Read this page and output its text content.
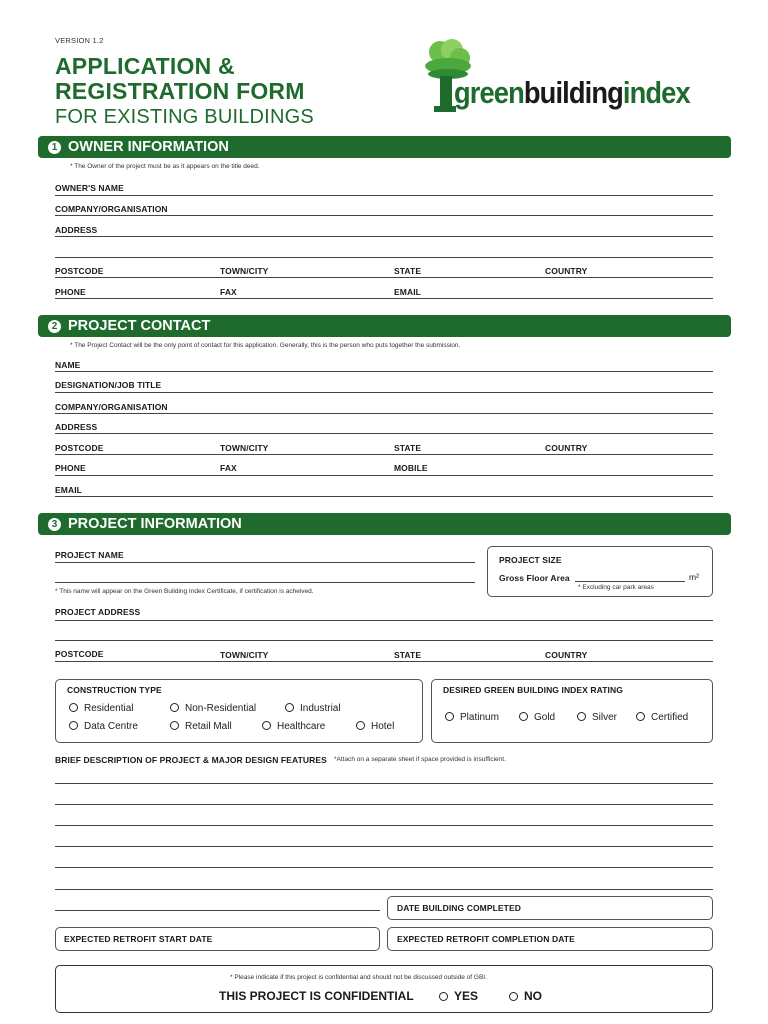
VERSION 1.2
APPLICATION &
REGISTRATION FORM
FOR EXISTING BUILDINGS
greenbuildingindex
1 OWNER INFORMATION
* The Owner of the project must be as it appears on the title deed.
OWNER'S NAME
COMPANY/ORGANISATION
ADDRESS
POSTCODE	TOWN/CITY	STATE	COUNTRY
PHONE	FAX	EMAIL
2 PROJECT CONTACT
* The Project Contact will be the only point of contact for this application. Generally, this is the person who puts together the submission.
NAME
DESIGNATION/JOB TITLE
COMPANY/ORGANISATION
ADDRESS
POSTCODE	TOWN/CITY	STATE	COUNTRY
PHONE	FAX	MOBILE
EMAIL
3 PROJECT INFORMATION
PROJECT NAME
* This name will appear on the Green Building Index Certificate, if certification is acheived.
PROJECT SIZE
Gross Floor Area	m²
* Excluding car park areas
PROJECT ADDRESS
POSTCODE	TOWN/CITY	STATE	COUNTRY
CONSTRUCTION TYPE
Residential	Non-Residential	Industrial
Data Centre	Retail Mall	Healthcare	Hotel
DESIRED GREEN BUILDING INDEX RATING
Platinum	Gold	Silver	Certified
BRIEF DESCRIPTION OF PROJECT & MAJOR DESIGN FEATURES *Attach on a separate sheet if space provided is insufficient.
DATE BUILDING COMPLETED
EXPECTED RETROFIT START DATE	EXPECTED RETROFIT COMPLETION DATE
* Please indicate if this project is confidential and should not be discussed outside of GBI.
THIS PROJECT IS CONFIDENTIAL	YES	NO
